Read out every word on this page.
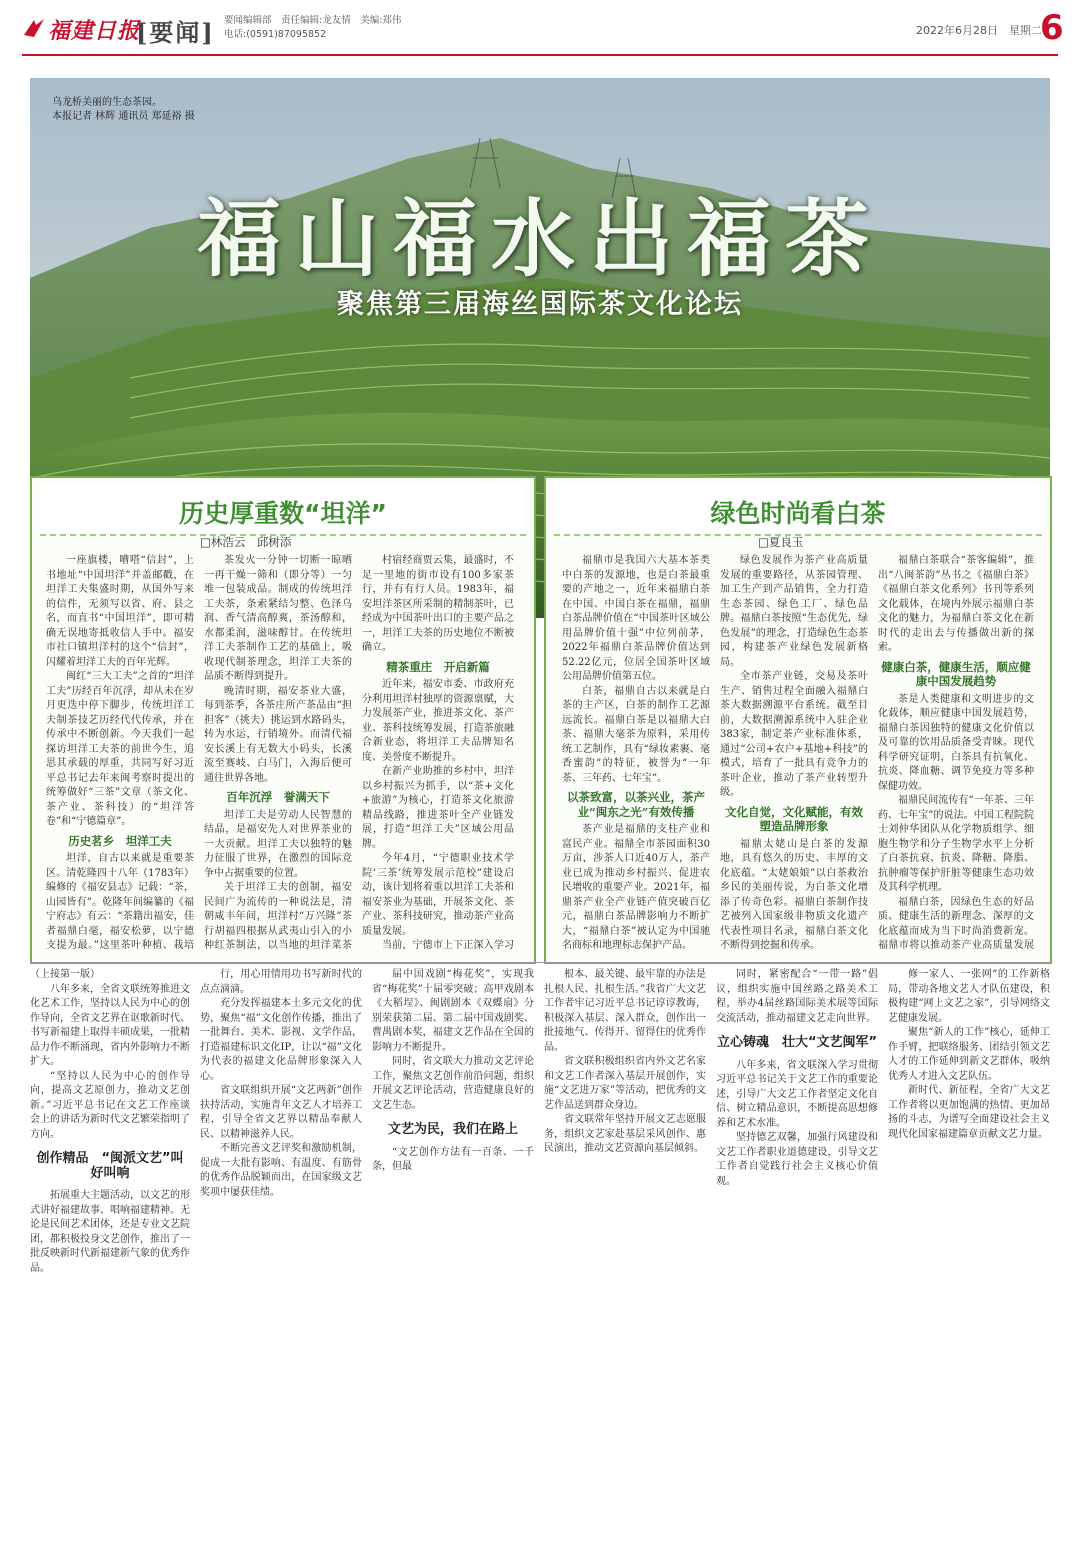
福建日报
[要闻] 要闻编辑部　责任编辑:龙友情　美编:郑伟
电话:(0591)87095852	2022年6月28日　星期二
6
乌龙桥美丽的生态茶园。
本报记者 林辉 通讯员 郑延裕 摄
福山福水出福茶
聚焦第三届海丝国际茶文化论坛
历史厚重数“坦洋”
□林浩云　邱树添
一座旗楼，嘈嗒“信封”，上书地址“中国坦洋”并盖邮戳，在坦洋工夫集盛时期，从国外写来的信件，无须写以省、府、县之名，而直书“中国坦洋”，即可精确无误地寄抵收信人手中。福安市社口镇坦洋村的这个“信封”，闪耀着坦洋工夫的百年光辉。
闽红“三大工夫”之首的“坦洋工夫”历经百年沉浮，却从未在岁月更迭中停下脚步，传统坦洋工夫制茶技艺历经代代传承，并在传承中不断创新。今天我们一起探访坦洋工夫茶的前世今生，追思其承载的厚重，共同写好习近平总书记去年来闽考察时提出的统筹做好“三茶”文章（茶文化、茶产业、茶科技）的“坦洋答卷”和“宁德篇章”。
历史茗乡　坦洋工夫
坦洋，自古以来就是重要茶区。清乾隆四十八年（1783年）编修的《福安县志》记载：“茶，山园皆有”。乾隆年间编纂的《福宁府志》有云：“茶籍出福安，佳者福鼎白毫，福安松萝，以宁德支提为最。”这里茶叶种植、栽培
茶发火一分钟一切断一晾晒一再干燥一筛和（即分等）一匀堆一包装成品。制成的传统坦洋工夫茶，条索紧结匀整、色泽乌润、香气清高醇爽，茶汤醇和，水都柔润，滋味醇甘。在传统坦洋工夫茶制作工艺的基础上，吸收现代制茶理念，坦洋工夫茶的品质不断得到提升。
晚清时期，福安茶业大盛，每到茶季，各茶庄所产茶品由“担担客”（挑夫）挑运到水路码头，转为水运，行销境外。而清代福安长溪上有无数大小码头，长溪流至赛岐、白马门，入海后便可通往世界各地。
百年沉浮　誉满天下
坦洋工夫是劳动人民智慧的结晶，是福安先人对世界茶业的一大贡献。坦洋工夫以独特的魅力征服了世界，在激烈的国际竞争中占据重要的位置。
关于坦洋工夫的创制，福安民间广为流传的一种说法是，清朝咸丰年间，坦洋村“万兴隆”茶行胡福四根据从武夷山引入的小种红茶制法，以当地的坦洋菜茶
村宿经商贾云集，最盛时，不足一里地的街市设有100多家茶行，并有有行人员。1983年，福安坦洋茶区所采制的精制茶叶，已经成为中国茶叶出口的主要产品之一，坦洋工夫茶的历史地位不断被确立。
精茶重庄　开启新篇
近年来，福安市委、市政府充分利用坦洋村独厚的资源禀赋，大力发展茶产业，推进茶文化、茶产业、茶科技统筹发展，打造茶旅融合新业态，将坦洋工夫品牌知名度、美誉度不断提升。
在新产业助推的乡村中，坦洋以乡村振兴为抓手，以“茶+文化+旅游”为核心，打造茶文化旅游精品线路，推进茶叶全产业链发展，打造“坦洋工夫”区域公用品牌。
今年4月，“宁德职业技术学院‘三茶’统筹发展示范校”建设启动，该计划将着重以坦洋工夫茶和福安茶业为基础，开展茶文化、茶产业、茶科技研究，推动茶产业高质量发展。
当前，宁德市上下正深入学习
绿色时尚看白茶
□夏良玉
福鼎市是我国六大基本茶类中白茶的发源地，也是白茶最重要的产地之一，近年来福鼎白茶在中国、中国白茶在福鼎，福鼎白茶品牌价值在“中国茶叶区域公用品牌价值十强”中位列前茅，2022年福鼎白茶品牌价值达到52.22亿元，位居全国茶叶区域公用品牌价值第五位。
白茶，福鼎自古以来就是白茶的主产区，白茶的制作工艺源远流长。福鼎白茶是以福鼎大白茶、福鼎大毫茶为原料，采用传统工艺制作，具有“绿妆素裹、毫香蜜韵”的特征，被誉为“一年茶、三年药、七年宝”。
以茶致富，以茶兴业，茶产业“闽东之光”有效传播
茶产业是福鼎的支柱产业和富民产业。福鼎全市茶园面积30万亩，涉茶人口近40万人，茶产业已成为推动乡村振兴、促进农民增收的重要产业。2021年，福鼎茶产业全产业链产值突破百亿元，福鼎白茶品牌影响力不断扩大，“福鼎白茶”被认定为中国驰名商标和地理标志保护产品。
绿色发展作为茶产业高质量发展的重要路径，从茶园管理、加工生产到产品销售，全力打造生态茶园、绿色工厂、绿色品牌。福鼎白茶按照“生态优先，绿色发展”的理念，打造绿色生态茶园，构建茶产业绿色发展新格局。
全市茶产业链，交易及茶叶生产、销售过程全面融入福鼎白茶大数据溯源平台系统。截至目前，大数据溯源系统中入驻企业383家，制定茶产业标准体系，通过“公司+农户+基地+科技”的模式，培育了一批具有竞争力的茶叶企业，推动了茶产业转型升级。
文化自觉，文化赋能，有效塑造品牌形象
福鼎太姥山是白茶的发源地，具有悠久的历史、丰厚的文化底蕴。“太姥娘娘”以白茶救治乡民的美丽传说，为白茶文化增添了传奇色彩。福鼎白茶制作技艺被列入国家级非物质文化遗产代表性项目名录，福鼎白茶文化不断得到挖掘和传承。
福鼎白茶联合“茶客编辑”，推出“八闽茶韵”丛书之《福鼎白茶》《福鼎白茶文化系列》书刊等系列文化载体，在境内外展示福鼎白茶文化的魅力，为福鼎白茶文化在新时代的走出去与传播做出新的探索。
健康白茶，健康生活，顺应健康中国发展趋势
茶是人类健康和文明进步的文化载体，顺应健康中国发展趋势，福鼎白茶因独特的健康文化价值以及可靠的饮用品质备受青睐。现代科学研究证明，白茶具有抗氧化、抗炎、降血糖、调节免疫力等多种保健功效。
福鼎民间流传有“一年茶、三年药、七年宝”的说法。中国工程院院士刘仲华团队从化学物质组学、细胞生物学和分子生物学水平上分析了白茶抗衰、抗炎、降糖、降脂、抗肿瘤等保护肝脏等健康生态功效及其科学机理。
福鼎白茶，因绿色生态的好品质、健康生活的新理念、深厚的文化底蕴而成为当下时尚消费新宠。福鼎市将以推动茶产业高质量发展
（上接第一版）
八年多来，全省文联统筹推进文化艺术工作，坚持以人民为中心的创作导向，全省文艺界在讴歌新时代、书写新福建上取得丰硕成果，一批精品力作不断涌现，省内外影响力不断扩大。
“坚持以人民为中心的创作导向，提高文艺原创力，推动文艺创新。”习近平总书记在文艺工作座谈会上的讲话为新时代文艺繁荣指明了方向。
创作精品　“闽派文艺”叫好叫响
拓展重大主题活动，以文艺的形式讲好福建故事、唱响福建精神。无论是民间艺术团体，还是专业文艺院团，都积极投身文艺创作，推出了一批反映新时代新福建新气象的优秀作品。
行，用心用情用功书写新时代的点点滴滴。
充分发挥福建本土多元文化的优势，聚焦“福”文化创作传播，推出了一批舞台、美术、影视、文学作品，打造福建标识文化IP，让以“福”文化为代表的福建文化品牌形象深入人心。
省文联组织开展“文艺两新”创作扶持活动，实施青年文艺人才培养工程，引导全省文艺界以精品奉献人民、以精神滋养人民。
不断完善文艺评奖和激励机制，促成一大批有影响、有温度、有筋骨的优秀作品脱颖而出，在国家级文艺奖项中屡获佳绩。
届中国戏剧“梅花奖”，实现我省“梅花奖”十届零突破；高甲戏剧本《大稻埕》、闽剧剧本《双蝶扇》分别荣获第二届、第二届中国戏剧奖、曹禺剧本奖，福建文艺作品在全国的影响力不断提升。
同时，省文联大力推动文艺评论工作，聚焦文艺创作前沿问题，组织开展文艺评论活动，营造健康良好的文艺生态。
文艺为民，我们在路上
“文艺创作方法有一百条、一千条，但最
根本、最关键、最牢靠的办法是扎根人民、扎根生活。”我省广大文艺工作者牢记习近平总书记谆谆教诲，积极深入基层、深入群众，创作出一批接地气、传得开、留得住的优秀作品。
省文联积极组织省内外文艺名家和文艺工作者深入基层开展创作，实施“文艺进万家”等活动，把优秀的文艺作品送到群众身边。
省文联常年坚持开展文艺志愿服务，组织文艺家赴基层采风创作、惠民演出，推动文艺资源向基层倾斜。
同时，紧密配合“一带一路”倡议，组织实施中国丝路之路美术工程，举办4届丝路国际美术展等国际交流活动，推动福建文艺走向世界。
立心铸魂　壮大“文艺闽军”
八年多来，省文联深入学习贯彻习近平总书记关于文艺工作的重要论述，引导广大文艺工作者坚定文化自信、树立精品意识，不断提高思想修养和艺术水准。
坚持德艺双馨，加强行风建设和文艺工作者职业道德建设，引导文艺工作者自觉践行社会主义核心价值观。
修一家人、一张网”的工作新格局，带动各地文艺人才队伍建设，积极构建“网上文艺之家”，引导网络文艺健康发展。
聚焦“新人的工作”核心，延伸工作手臂，把联络服务、团结引领文艺人才的工作延伸到新文艺群体，吸纳优秀人才进入文艺队伍。
新时代、新征程，全省广大文艺工作者将以更加饱满的热情、更加昂扬的斗志，为谱写全面建设社会主义现代化国家福建篇章贡献文艺力量。
